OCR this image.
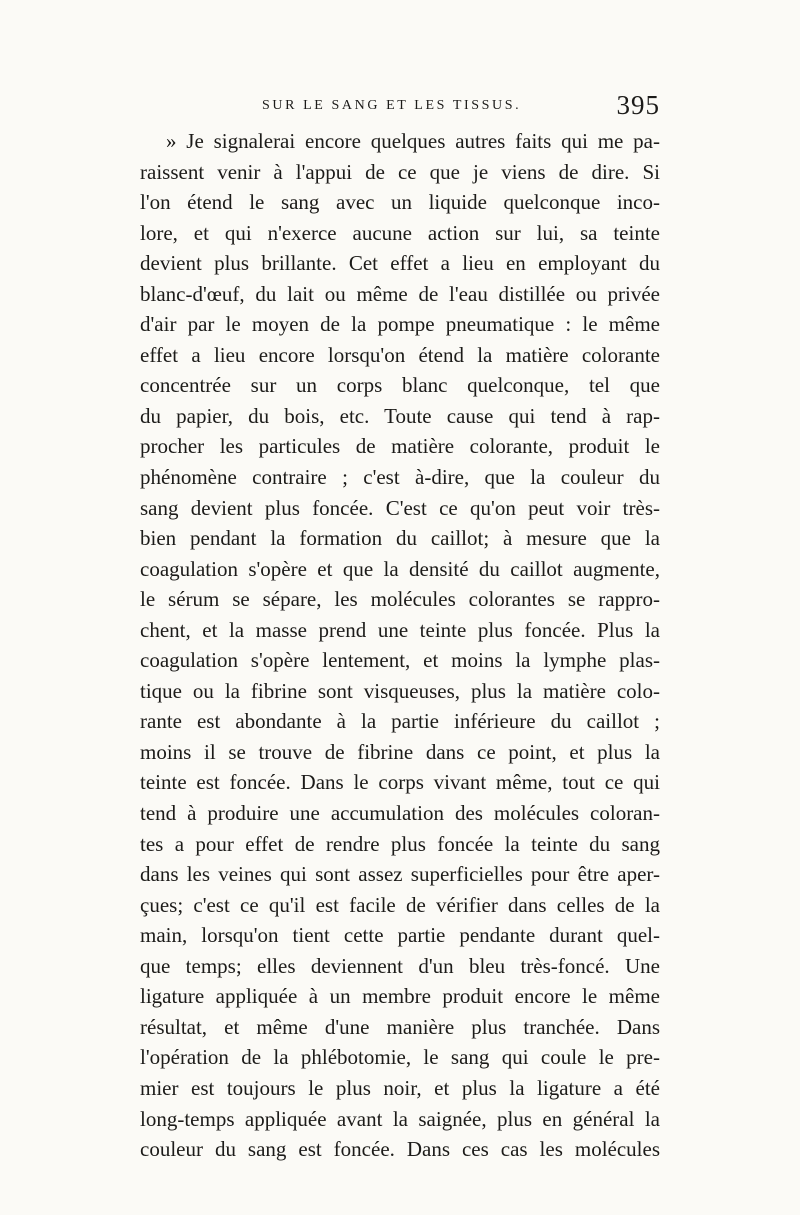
SUR LE SANG ET LES TISSUS.	395
» Je signalerai encore quelques autres faits qui me pa-
raissent venir à l'appui de ce que je viens de dire. Si
l'on étend le sang avec un liquide quelconque inco-
lore, et qui n'exerce aucune action sur lui, sa teinte
devient plus brillante. Cet effet a lieu en employant du
blanc-d'œuf, du lait ou même de l'eau distillée ou privée
d'air par le moyen de la pompe pneumatique : le même
effet a lieu encore lorsqu'on étend la matière colorante
concentrée sur un corps blanc quelconque, tel que
du papier, du bois, etc. Toute cause qui tend à rap-
procher les particules de matière colorante, produit le
phénomène contraire ; c'est à-dire, que la couleur du
sang devient plus foncée. C'est ce qu'on peut voir très-
bien pendant la formation du caillot; à mesure que la
coagulation s'opère et que la densité du caillot augmente,
le sérum se sépare, les molécules colorantes se rappro-
chent, et la masse prend une teinte plus foncée. Plus la
coagulation s'opère lentement, et moins la lymphe plas-
tique ou la fibrine sont visqueuses, plus la matière colo-
rante est abondante à la partie inférieure du caillot ;
moins il se trouve de fibrine dans ce point, et plus la
teinte est foncée. Dans le corps vivant même, tout ce qui
tend à produire une accumulation des molécules coloran-
tes a pour effet de rendre plus foncée la teinte du sang
dans les veines qui sont assez superficielles pour être aper-
çues; c'est ce qu'il est facile de vérifier dans celles de la
main, lorsqu'on tient cette partie pendante durant quel-
que temps; elles deviennent d'un bleu très-foncé. Une
ligature appliquée à un membre produit encore le même
résultat, et même d'une manière plus tranchée. Dans
l'opération de la phlébotomie, le sang qui coule le pre-
mier est toujours le plus noir, et plus la ligature a été
long-temps appliquée avant la saignée, plus en général la
couleur du sang est foncée. Dans ces cas les molécules
